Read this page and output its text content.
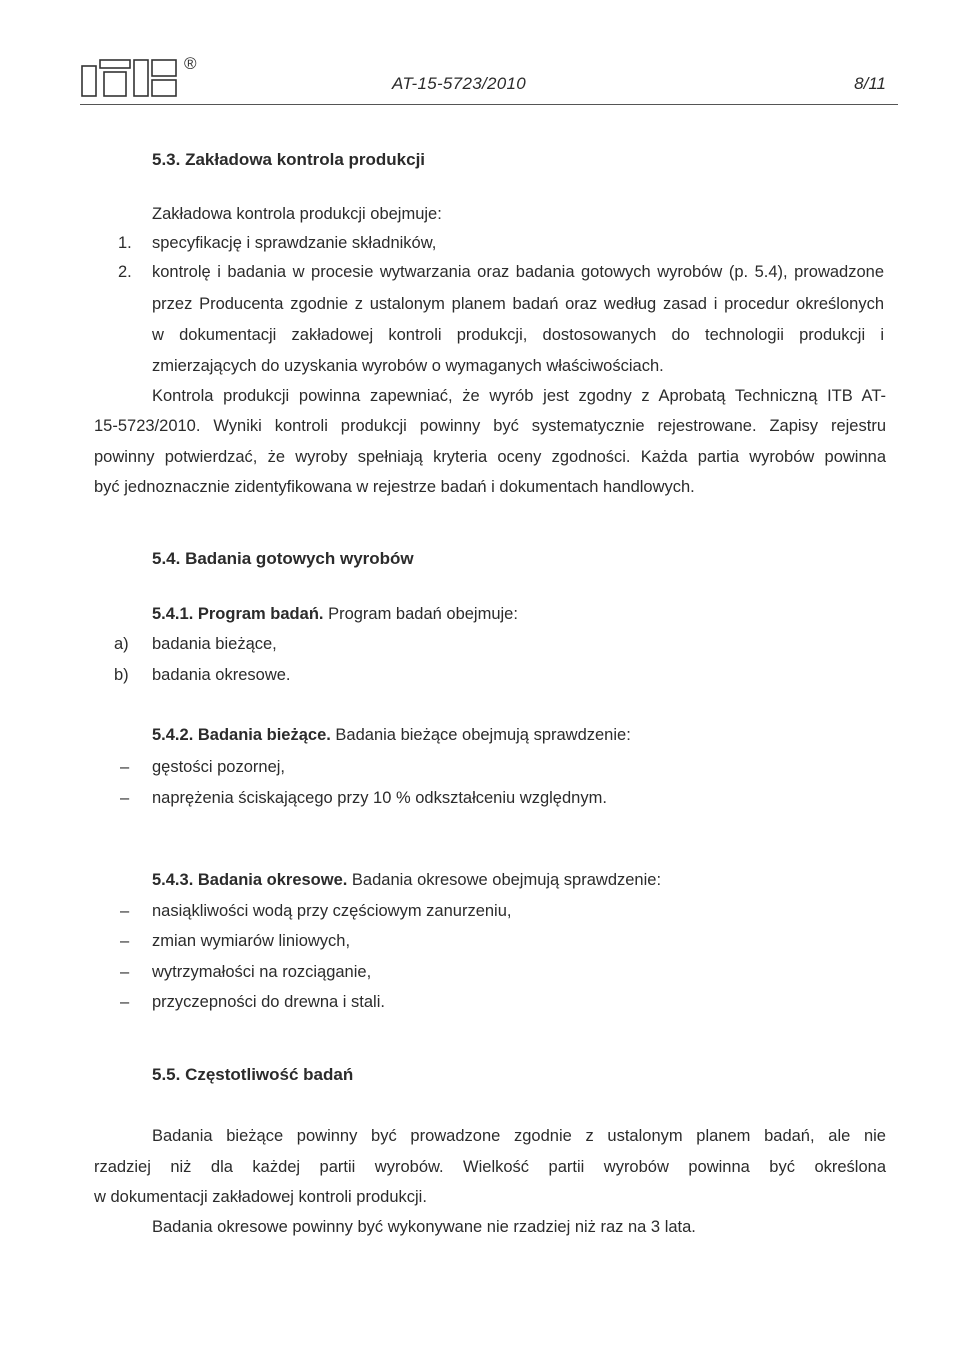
®
AT-15-5723/2010	8/11
5.3. Zakładowa kontrola produkcji
Zakładowa kontrola produkcji obejmuje:
1. specyfikację i sprawdzanie składników,
2. kontrolę i badania w procesie wytwarzania oraz badania gotowych wyrobów (p. 5.4), prowadzone
przez Producenta zgodnie z ustalonym planem badań oraz według zasad i procedur określonych
w dokumentacji zakładowej kontroli produkcji, dostosowanych do technologii produkcji i
zmierzających do uzyskania wyrobów o wymaganych właściwościach.
Kontrola produkcji powinna zapewniać, że wyrób jest zgodny z Aprobatą Techniczną ITB AT-
15-5723/2010. Wyniki kontroli produkcji powinny być systematycznie rejestrowane. Zapisy rejestru
powinny potwierdzać, że wyroby spełniają kryteria oceny zgodności. Każda partia wyrobów powinna
być jednoznacznie zidentyfikowana w rejestrze badań i dokumentach handlowych.
5.4. Badania gotowych wyrobów
5.4.1. Program badań. Program badań obejmuje:
a) badania bieżące,
b) badania okresowe.
5.4.2. Badania bieżące. Badania bieżące obejmują sprawdzenie:
– gęstości pozornej,
– naprężenia ściskającego przy 10 % odkształceniu względnym.
5.4.3. Badania okresowe. Badania okresowe obejmują sprawdzenie:
– nasiąkliwości wodą przy częściowym zanurzeniu,
– zmian wymiarów liniowych,
– wytrzymałości na rozciąganie,
– przyczepności do drewna i stali.
5.5. Częstotliwość badań
Badania bieżące powinny być prowadzone zgodnie z ustalonym planem badań, ale nie
rzadziej niż dla każdej partii wyrobów. Wielkość partii wyrobów powinna być określona
w dokumentacji zakładowej kontroli produkcji.
Badania okresowe powinny być wykonywane nie rzadziej niż raz na 3 lata.
